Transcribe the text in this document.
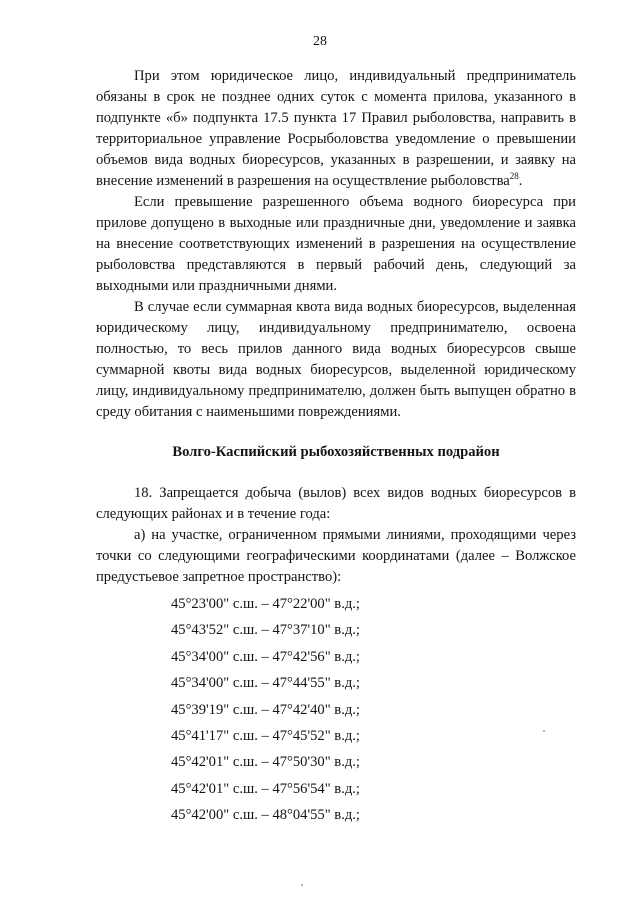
28

При этом юридическое лицо, индивидуальный предприниматель обязаны в срок не позднее одних суток с момента прилова, указанного в подпункте «б» подпункта 17.5 пункта 17 Правил рыболовства, направить в территориальное управление Росрыболовства уведомление о превышении объемов вида водных биоресурсов, указанных в разрешении, и заявку на внесение изменений в разрешения на осуществление рыболовства$^{28}$.

Если превышение разрешенного объема водного биоресурса при прилове допущено в выходные или праздничные дни, уведомление и заявка на внесение соответствующих изменений в разрешения на осуществление рыболовства представляются в первый рабочий день, следующий за выходными или праздничными днями.

В случае если суммарная квота вида водных биоресурсов, выделенная юридическому лицу, индивидуальному предпринимателю, освоена полностью, то весь прилов данного вида водных биоресурсов свыше суммарной квоты вида водных биоресурсов, выделенной юридическому лицу, индивидуальному предпринимателю, должен быть выпущен обратно в среду обитания с наименьшими повреждениями.

Волго-Каспийский рыбохозяйственных подрайон

18. Запрещается добыча (вылов) всех видов водных биоресурсов в следующих районах и в течение года:

а) на участке, ограниченном прямыми линиями, проходящими через точки со следующими географическими координатами (далее – Волжское предустьевое запретное пространство):

45°23'00" с.ш. – 47°22'00" в.д.;
45°43'52" с.ш. – 47°37'10" в.д.;
45°34'00" с.ш. – 47°42'56" в.д.;
45°34'00" с.ш. – 47°44'55" в.д.;
45°39'19" с.ш. – 47°42'40" в.д.;
45°41'17" с.ш. – 47°45'52" в.д.;
45°42'01" с.ш. – 47°50'30" в.д.;
45°42'01" с.ш. – 47°56'54" в.д.;
45°42'00" с.ш. – 48°04'55" в.д.;
